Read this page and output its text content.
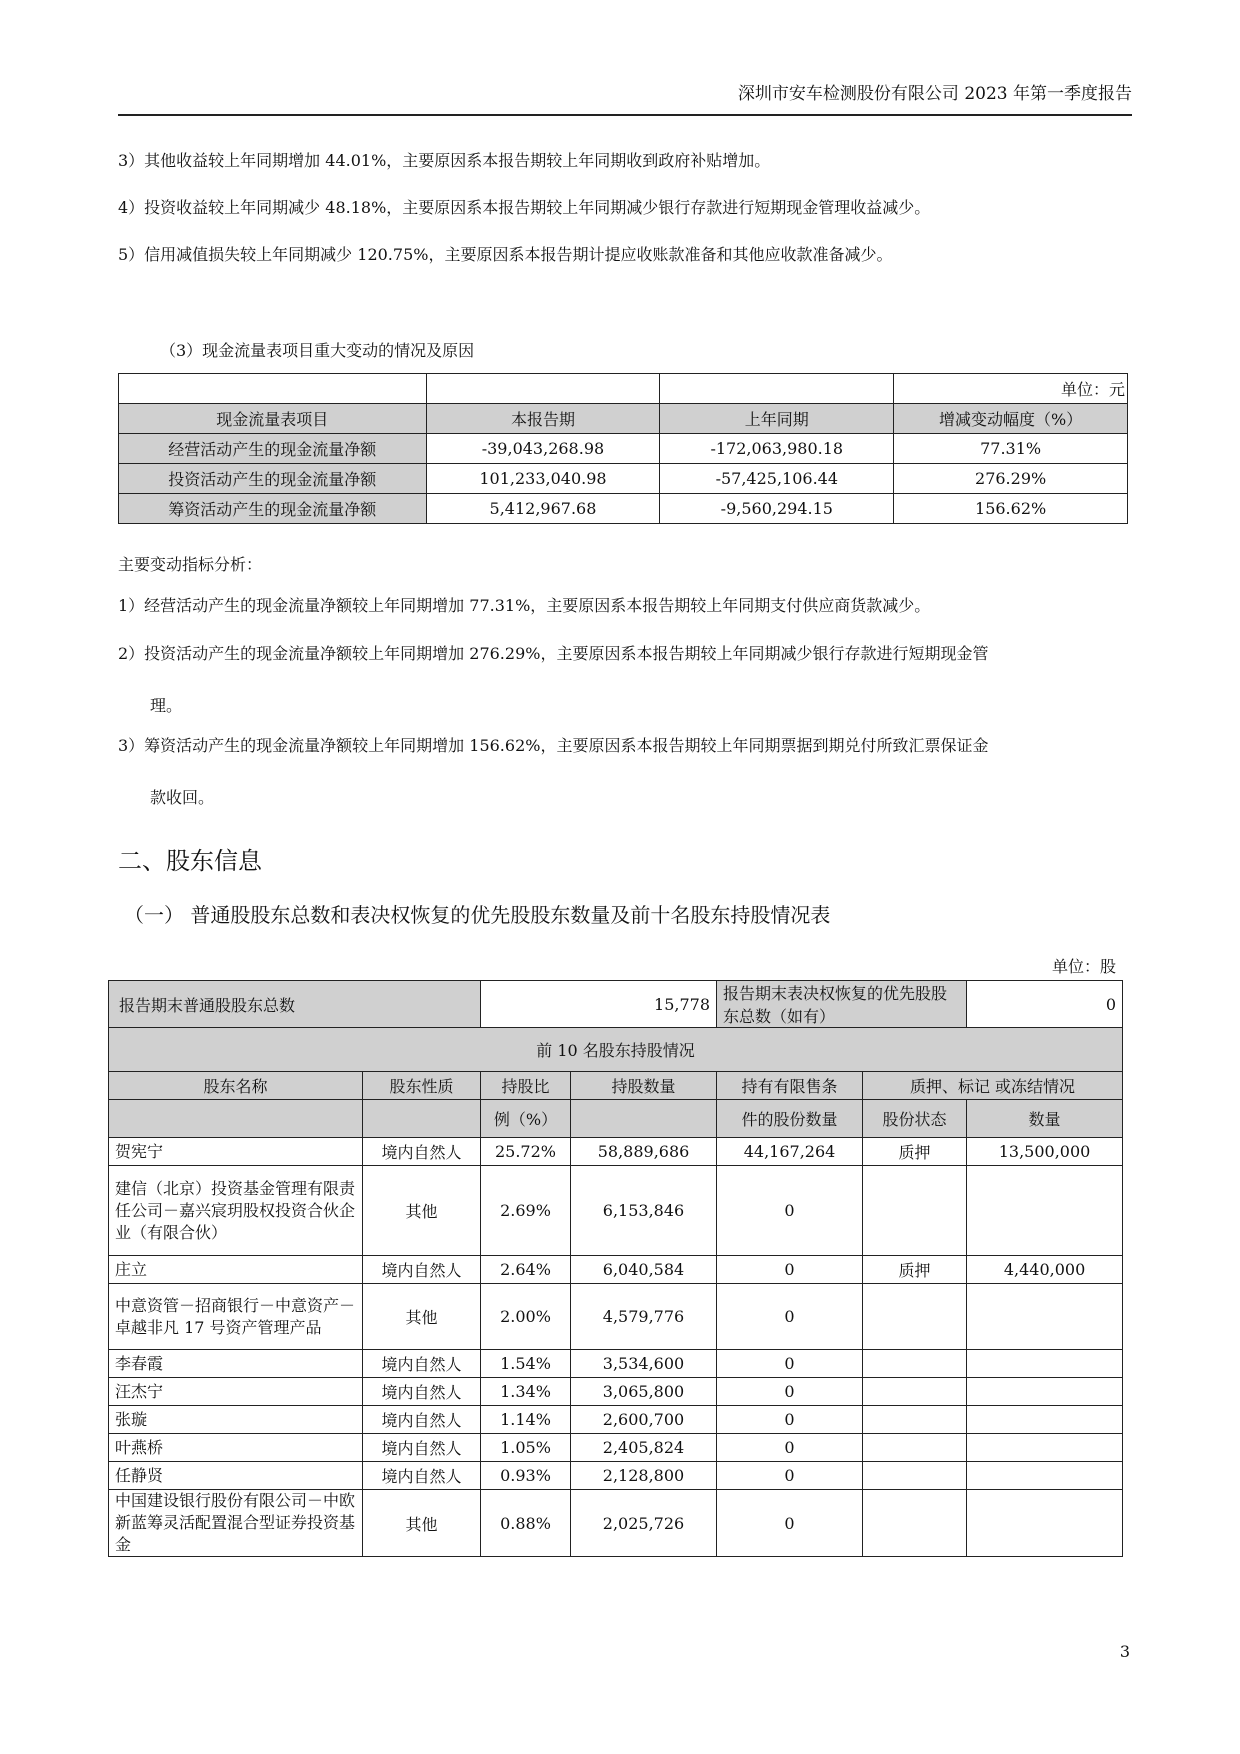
深圳市安车检测股份有限公司 2023 年第一季度报告
3）其他收益较上年同期增加 44.01%，主要原因系本报告期较上年同期收到政府补贴增加。
4）投资收益较上年同期减少 48.18%，主要原因系本报告期较上年同期减少银行存款进行短期现金管理收益减少。
5）信用减值损失较上年同期减少 120.75%，主要原因系本报告期计提应收账款准备和其他应收款准备减少。
（3）现金流量表项目重大变动的情况及原因
			单位：元
现金流量表项目	本报告期	上年同期	增减变动幅度（%）
经营活动产生的现金流量净额	-39,043,268.98	-172,063,980.18	77.31%
投资活动产生的现金流量净额	101,233,040.98	-57,425,106.44	276.29%
筹资活动产生的现金流量净额	5,412,967.68	-9,560,294.15	156.62%
主要变动指标分析：
1）经营活动产生的现金流量净额较上年同期增加 77.31%，主要原因系本报告期较上年同期支付供应商货款减少。
2）投资活动产生的现金流量净额较上年同期增加 276.29%，主要原因系本报告期较上年同期减少银行存款进行短期现金管
理。
3）筹资活动产生的现金流量净额较上年同期增加 156.62%，主要原因系本报告期较上年同期票据到期兑付所致汇票保证金
款收回。
二、股东信息
（一） 普通股股东总数和表决权恢复的优先股股东数量及前十名股东持股情况表
单位：股
报告期末普通股股东总数		15,778		报告期末表决权恢复的优先股股东总数（如有）		0
前 10 名股东持股情况						
股东名称	股东性质	持股比	持股数量	持有有限售条	质押、标记 或冻结情况	
		例（%）		件的股份数量	股份状态	数量
贺宪宁	境内自然人	25.72%	58,889,686	44,167,264	质押	13,500,000
建信（北京）投资基金管理有限责任公司－嘉兴宸玥股权投资合伙企业（有限合伙）	其他	2.69%	6,153,846	0		
庄立	境内自然人	2.64%	6,040,584	0	质押	4,440,000
中意资管－招商银行－中意资产－卓越非凡 17 号资产管理产品	其他	2.00%	4,579,776	0		
李春霞	境内自然人	1.54%	3,534,600	0		
汪杰宁	境内自然人	1.34%	3,065,800	0		
张璇	境内自然人	1.14%	2,600,700	0		
叶燕桥	境内自然人	1.05%	2,405,824	0		
任静贤	境内自然人	0.93%	2,128,800	0		
中国建设银行股份有限公司－中欧新蓝筹灵活配置混合型证券投资基金	其他	0.88%	2,025,726	0		
3
